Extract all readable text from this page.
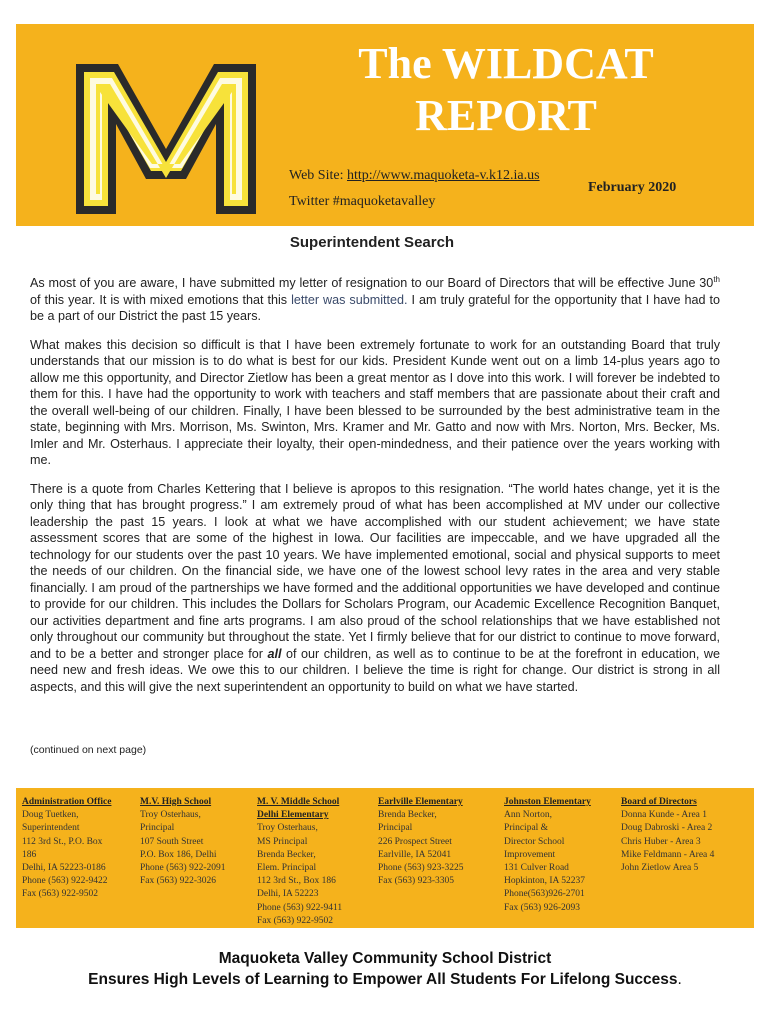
The WILDCAT
REPORT
Web Site: http://www.maquoketa-v.k12.ia.us
Twitter #maquoketavalley
February 2020
Superintendent Search

As most of you are aware, I have submitted my letter of resignation to our Board of Directors that will be effective June 30th of this year. It is with mixed emotions that this letter was submitted. I am truly grateful for the opportunity that I have had to be a part of our District the past 15 years.

What makes this decision so difficult is that I have been extremely fortunate to work for an outstanding Board that truly understands that our mission is to do what is best for our kids. President Kunde went out on a limb 14-plus years ago to allow me this opportunity, and Director Zietlow has been a great mentor as I dove into this work. I will forever be indebted to them for this. I have had the opportunity to work with teachers and staff members that are passionate about their craft and the overall well-being of our children. Finally, I have been blessed to be surrounded by the best administrative team in the state, beginning with Mrs. Morrison, Ms. Swinton, Mrs. Kramer and Mr. Gatto and now with Mrs. Norton, Mrs. Becker, Ms. Imler and Mr. Osterhaus. I appreciate their loyalty, their open-mindedness, and their patience over the years working with me.

There is a quote from Charles Kettering that I believe is apropos to this resignation. “The world hates change, yet it is the only thing that has brought progress.” I am extremely proud of what has been accomplished at MV under our collective leadership the past 15 years. I look at what we have accomplished with our student achievement; we have state assessment scores that are some of the highest in Iowa. Our facilities are impeccable, and we have upgraded all the technology for our students over the past 10 years. We have implemented emotional, social and physical supports to meet the needs of our children. On the financial side, we have one of the lowest school levy rates in the area and very stable financially. I am proud of the partnerships we have formed and the additional opportunities we have developed and continue to provide for our children. This includes the Dollars for Scholars Program, our Academic Excellence Recognition Banquet, our activities department and fine arts programs. I am also proud of the school relationships that we have established not only throughout our community but throughout the state. Yet I firmly believe that for our district to continue to move forward, and to be a better and stronger place for all of our children, as well as to continue to be at the forefront in education, we need new and fresh ideas. We owe this to our children. I believe the time is right for change. Our district is strong in all aspects, and this will give the next superintendent an opportunity to build on what we have started.

(continued on next page)
Administration Office
Doug Tuetken,
Superintendent
112 3rd St., P.O. Box
186
Delhi, IA 52223-0186
Phone (563) 922-9422
Fax (563) 922-9502
M.V. High School
Troy Osterhaus,
Principal
107 South Street
P.O. Box 186, Delhi
Phone (563) 922-2091
Fax (563) 922-3026
M. V. Middle School
Delhi Elementary
Troy Osterhaus,
MS Principal
Brenda Becker,
Elem. Principal
112 3rd St., Box 186
Delhi, IA 52223
Phone (563) 922-9411
Fax (563) 922-9502
Earlville Elementary
Brenda Becker,
Principal
226 Prospect Street
Earlville, IA 52041
Phone (563) 923-3225
Fax (563) 923-3305
Johnston Elementary
Ann Norton,
Principal &
Director School
Improvement
131 Culver Road
Hopkinton, IA 52237
Phone(563)926-2701
Fax (563) 926-2093
Board of Directors
Donna Kunde - Area 1
Doug Dabroski - Area 2
Chris Huber - Area 3
Mike Feldmann - Area 4
John Zietlow Area 5
Maquoketa Valley Community School District
Ensures High Levels of Learning to Empower All Students For Lifelong Success.
